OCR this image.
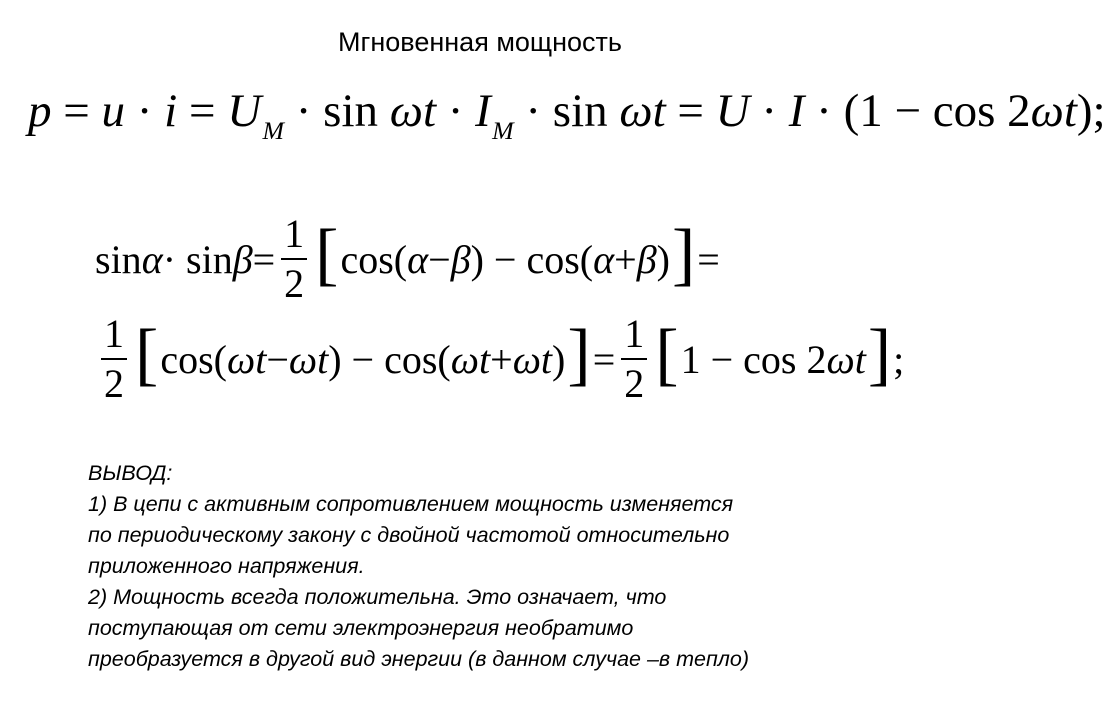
Мгновенная мощность
$p = u \cdot i = U_M \cdot \sin \omega t \cdot I_M \cdot \sin \omega t = U \cdot I \cdot (1 - \cos 2\omega t)$;
$\sin \alpha \cdot \sin \beta = \frac{1}{2}$ [ cos( α − β ) − cos( α + β ) ] =
$\frac{1}{2}$ [ cos( ωt − ωt ) − cos( ωt + ωt ) ] = $\frac{1}{2}$ [ 1 − cos 2 ωt ] ;
ВЫВОД:
1) В цепи с активным сопротивлением мощность изменяется
по периодическому закону с двойной частотой относительно
приложенного напряжения.
2) Мощность всегда положительна. Это означает, что
поступающая от сети электроэнергия необратимо
преобразуется в другой вид энергии (в данном случае –в тепло)
